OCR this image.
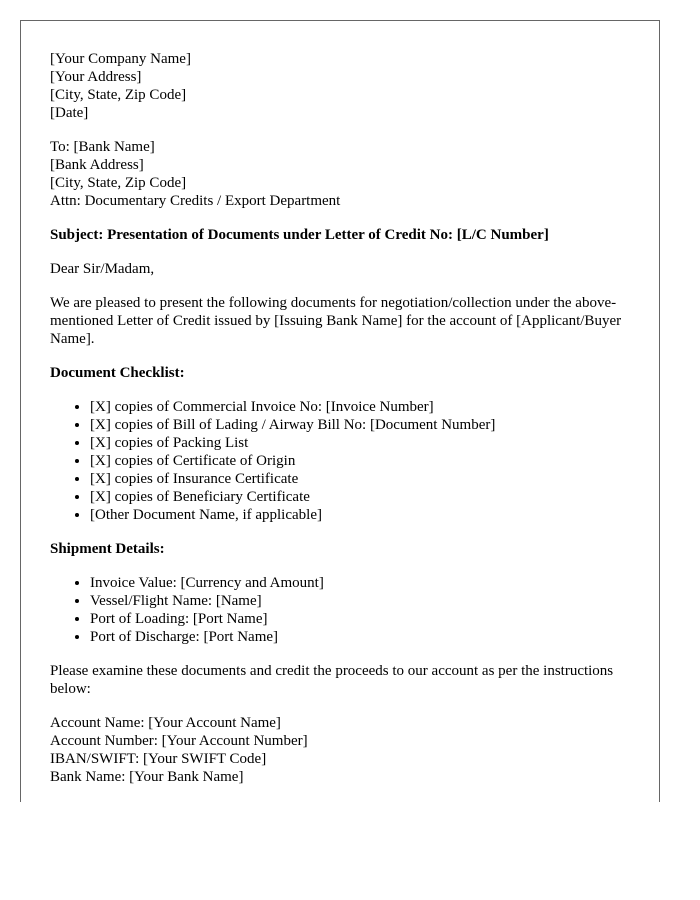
[Your Company Name]
[Your Address]
[City, State, Zip Code]
[Date]
To: [Bank Name]
[Bank Address]
[City, State, Zip Code]
Attn: Documentary Credits / Export Department

Subject: Presentation of Documents under Letter of Credit No: [L/C Number]

Dear Sir/Madam,

We are pleased to present the following documents for negotiation/collection under the above-mentioned Letter of Credit issued by [Issuing Bank Name] for the account of [Applicant/Buyer Name].

Document Checklist:

• [X] copies of Commercial Invoice No: [Invoice Number]
• [X] copies of Bill of Lading / Airway Bill No: [Document Number]
• [X] copies of Packing List
• [X] copies of Certificate of Origin
• [X] copies of Insurance Certificate
• [X] copies of Beneficiary Certificate
• [Other Document Name, if applicable]

Shipment Details:

• Invoice Value: [Currency and Amount]
• Vessel/Flight Name: [Name]
• Port of Loading: [Port Name]
• Port of Discharge: [Port Name]

Please examine these documents and credit the proceeds to our account as per the instructions below:

Account Name: [Your Account Name]
Account Number: [Your Account Number]
IBAN/SWIFT: [Your SWIFT Code]
Bank Name: [Your Bank Name]
